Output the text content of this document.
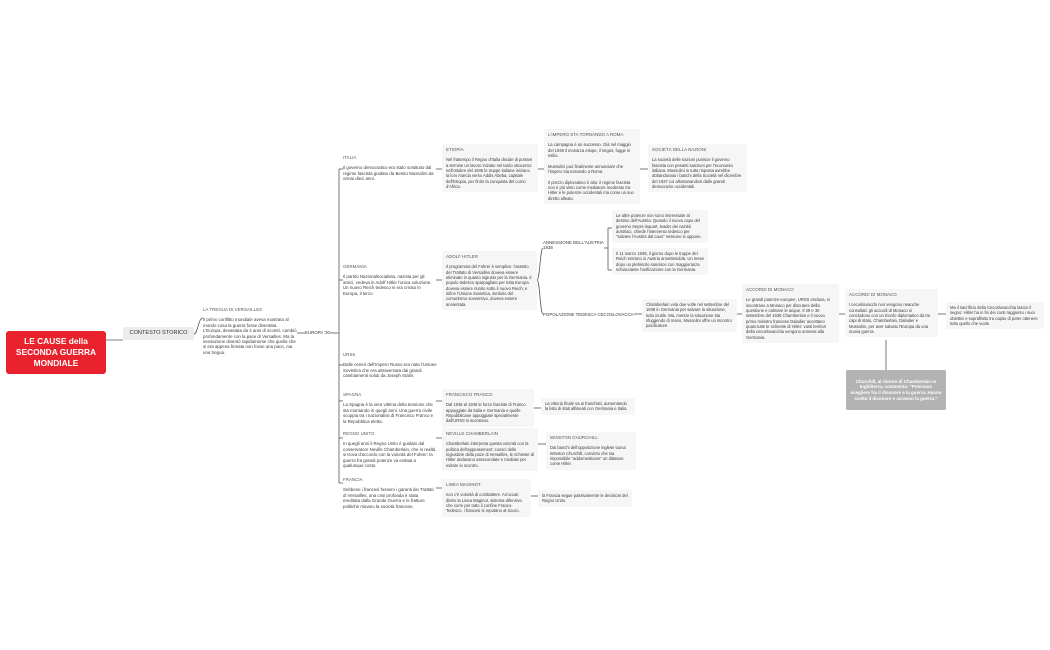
LE CAUSE della
SECONDA GUERRA
MONDIALE
CONTESTO STORICO
LA TREGUA DI VERSAILLES
Il primo conflitto mondiale aveva mostrato al mondo cosa la guerra fosse diventata. L'Europa, devastata da 4 anni di scontri, cambiò profondamente con la pace di Versailles. Ma la sensazione diventò rapidamente che quella che si era appena firmata non fosse una pace, ma una tregua.
EUROPA '30
ITALIA
Il governo democratico era stato sostituito dal regime fascista guidato da Benito Mussolini da ormai dieci anni.
ETIOPIA
Nel frattempo il Regno d'Italia decide di portare a termine un lavoro iniziato nel tardo ottocento: nell'ottobre del 1935 le truppe italiane iniziano la loro marcia verso Addis Abeba, capitale dell'Etiopia, per finire la conquista del corno d'Africa.
L'IMPERO STA TORNANDO A ROMA
La campagna è un successo. Già nel maggio del 1936 il monarca etiope, il negus, fugge in esilio.

Mussolini può finalmente annunciare che l'impero sta tornando a Roma.

Il prezzo diplomatico è alto: il regime fascista non è più visto come mediatore moderato tra Hitler e le potenze occidentali ma come un suo diretto alleato.
SOCIETÀ DELLA NAZIONI
La società delle nazioni punisce il governo fascista con pesanti sanzioni per l'economia italiana. Mussolini in tutta risposta avrebbe abbandonato i banchi della Società nel dicembre del 1937 coi allontanandosi dalle grandi democrazie occidentali.
GERMANIA
Il partito Nazionalsocialista, nazista per gli amici, vedeva in Adolf Hitler l'unica soluzione. Un nuovo Reich tedesco si era creato in Europa, il terzo.
ADOLF HITLER
Il programma del Fuhrer è semplice: l'assetto del Trattato di Versailles doveva essere eliminato in quanto ingiusto per la Germania. Il popolo tedesco sparpagliato per tutta Europa doveva essere riunito sotto il nuovo Reich; e infine l'Unione Sovietica, simbolo del comunismo sovversivo, doveva essere annientata.
ANNESSIONE DELL'AUSTRIA 1938
Le altre potenze non sono interessate al destino dell'Austria. Quando il nuovo capo del governo Seyss-inquart, leader dei nazisti austriaci, chiede l'intervento tedesco per "salvare l'Austria dal caos" nessuno si oppone.
Il 11 marzo 1938, il giorno dopo le truppe del Reich entrano in Austria annettendola. Un mese dopo un plebiscito sancisce con maggioranza schiacciante l'unificazione con la Germania.
POPOLAZIONE TEDESCA CECOSLOVACCA
Chamberlain vola due volte nel settembre del 1938 in Germania per salvare la situazione, tutto inutile. Ma, mentre la situazione sta sfuggendo di mano, Mussolini offre un incontro pacificatore.
ACCORDI DI MONACO
Le grandi potenze europee, URSS esclusa, si incontrano a Monaco per discutere della questione e calmare le acque. Il 29 e 30 settembre del 1938 Chamberlain e il nuovo primo ministro francese Daladier accettano quasi tutte le richieste di Hitler: vasti territori della cecoslovacchia vengono annessi alla Germania.
ACCORDI DI MONACO
I cecoslovacchi non vengono neanche consultati: gli accordi di Monaco si concludono con un trionfo diplomatico da tre capi di stato, Chamberlain, Daladier e Mussolini, per aver salvato l'Europa da una nuova guerra.
Ma il sacrificio della Cecoslovacchia lascia il segno: Hitler ha in fin dei conti raggiunto i suoi obiettivi e sopraffatto tra capito di poter ottenere tutto quello che vuole.
Churchill, al ritorno di Chamberlain in Inghilterra, commenta: "Potevano scegliere fra il disonore e la guerra. Hanno scelto il disonore e avranno la guerra."
URSS
Dalle ceneri dell'Impero Russo era nata l'Unione Sovietica che era attraversata dai grandi cambiamenti voluti da Joseph Stalin.
SPAGNA
La Spagna è la vera vittima della tensione che sta montando in quegli anni. Una guerra civile scoppia tra i nazionalisti di Francisco Franco e la Repubblica eletta.
FRANCISCO FRANCO
Dal 1936 al 1939 le forze fasciste di Franco appoggiate da Italia e Germania e quelle Repubblicane appoggiate specialmente dall'URSS si scontrano.
La vittoria finale va ai franchisti, aumentando la lista di stati alllineati con Germania e Italia.
REGNO UNITO
In quegli anni il Regno Unito è guidato dal conservatore Neville Chamberlain, che in realtà si trova d'accordo con la volontà del Fuhrer: la guerra fra grandi potenze va evitata a qualunque costo.
NEVILLE CHAMBERLAIN
Chamberlain interpreta questa volontà con la politica dell'appeasement: consci delle ingiustizie della pace di Versailles, le richieste di Hitler andavano assecondate e mediate per evitare lo scontro.
WINSTON CHURCHILL
Dai banchi dell'opposizione inglese tuona Winston Churchill, convinto che sia impossibile "addomesticare" un dittatore come Hitler.
FRANCIA
Sebbene i francesi fossero i garanti dei Trattati di Versailles, una crisi profonda è stata ereditata dalla Grande Guerra e le fratture politiche minano la società francese.
LINEA MAGINOT
non c'è volontà di combattere. Arroccati dietro la Linea Maginot, sistema difensivo che corre per tutto il confine Franco-Tedesco, i francesi si reputano al sicuro.
la Francia segue passivamente le decisioni del Regno Unito.
